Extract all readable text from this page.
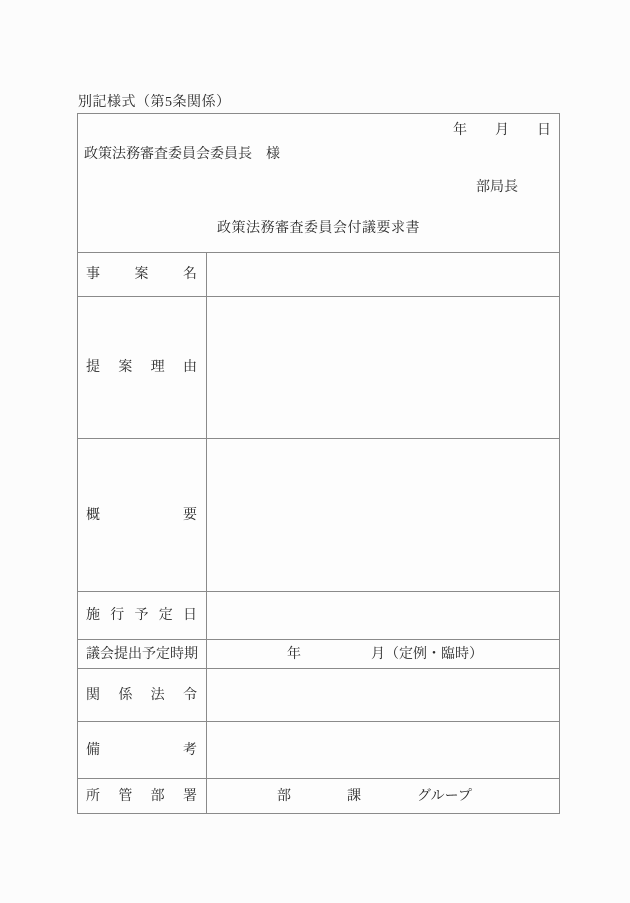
別記様式（第5条関係）
年　　月　　日
政策法務審査委員会委員長　様
部局長
政策法務審査委員会付議要求書
事 案 名
提 案 理 由
概	要
施 行 予 定 日
議 会 提 出 予 定 時 期	年　　　　　月（定例・臨時）
関 係 法 令
備	考
所 管 部 署	部　　　　課　　　　グループ
